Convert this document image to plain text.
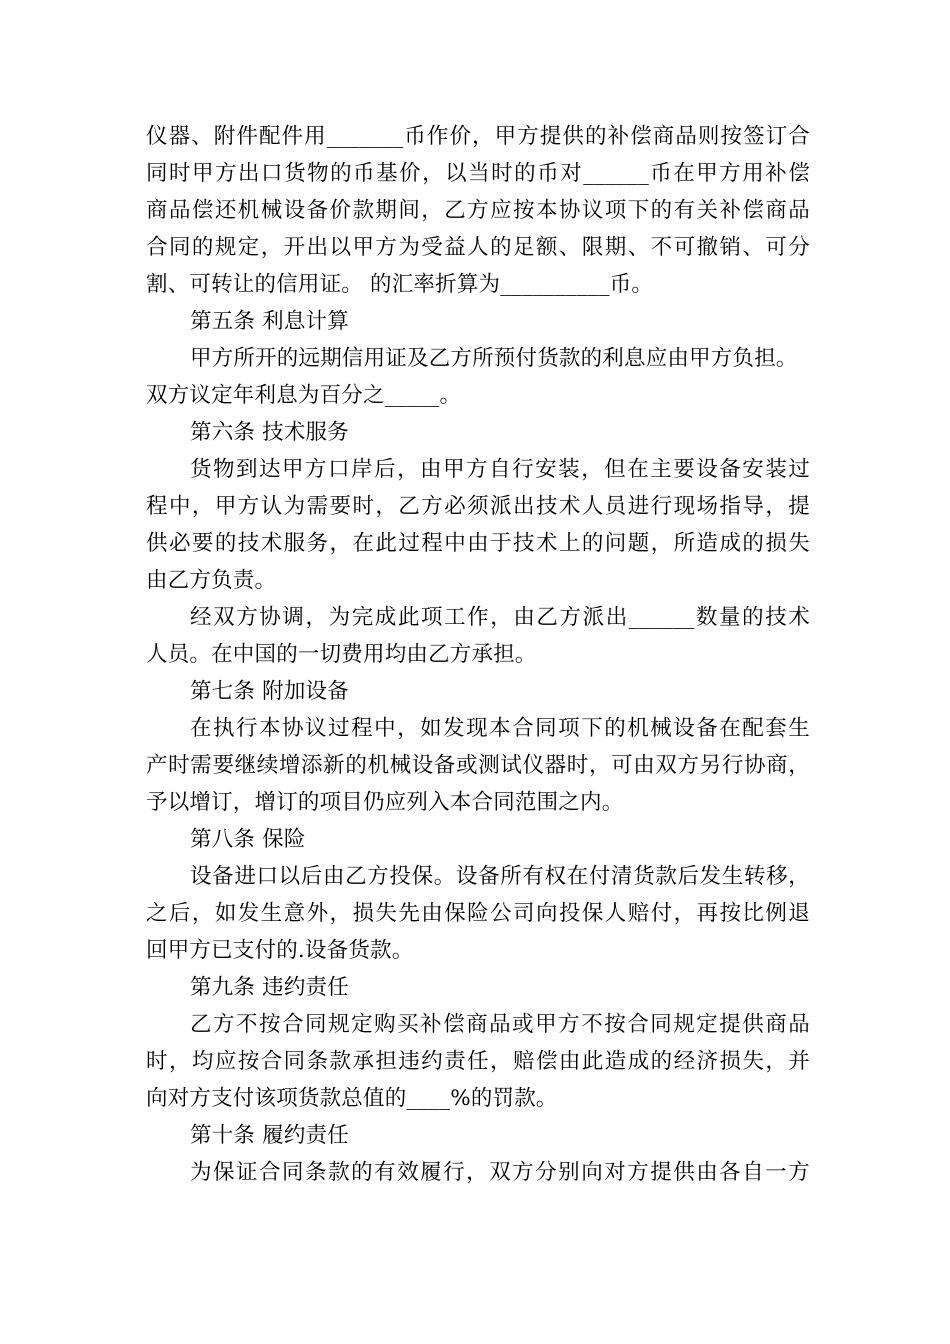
仪器、附件配件用_______币作价，甲方提供的补偿商品则按签订合
同时甲方出口货物的币基价，以当时的币对______币在甲方用补偿
商品偿还机械设备价款期间，乙方应按本协议项下的有关补偿商品
合同的规定，开出以甲方为受益人的足额、限期、不可撤销、可分
割、可转让的信用证。 的汇率折算为__________币。
第五条 利息计算
甲方所开的远期信用证及乙方所预付货款的利息应由甲方负担。
双方议定年利息为百分之_____。
第六条 技术服务
货物到达甲方口岸后，由甲方自行安装，但在主要设备安装过
程中，甲方认为需要时，乙方必须派出技术人员进行现场指导，提
供必要的技术服务，在此过程中由于技术上的问题，所造成的损失
由乙方负责。
经双方协调，为完成此项工作，由乙方派出______数量的技术
人员。在中国的一切费用均由乙方承担。
第七条 附加设备
在执行本协议过程中，如发现本合同项下的机械设备在配套生
产时需要继续增添新的机械设备或测试仪器时，可由双方另行协商，
予以增订，增订的项目仍应列入本合同范围之内。
第八条 保险
设备进口以后由乙方投保。设备所有权在付清货款后发生转移，
之后，如发生意外，损失先由保险公司向投保人赔付，再按比例退
回甲方已支付的.设备货款。
第九条 违约责任
乙方不按合同规定购买补偿商品或甲方不按合同规定提供商品
时，均应按合同条款承担违约责任，赔偿由此造成的经济损失，并
向对方支付该项货款总值的____%的罚款。
第十条 履约责任
为保证合同条款的有效履行，双方分别向对方提供由各自一方
